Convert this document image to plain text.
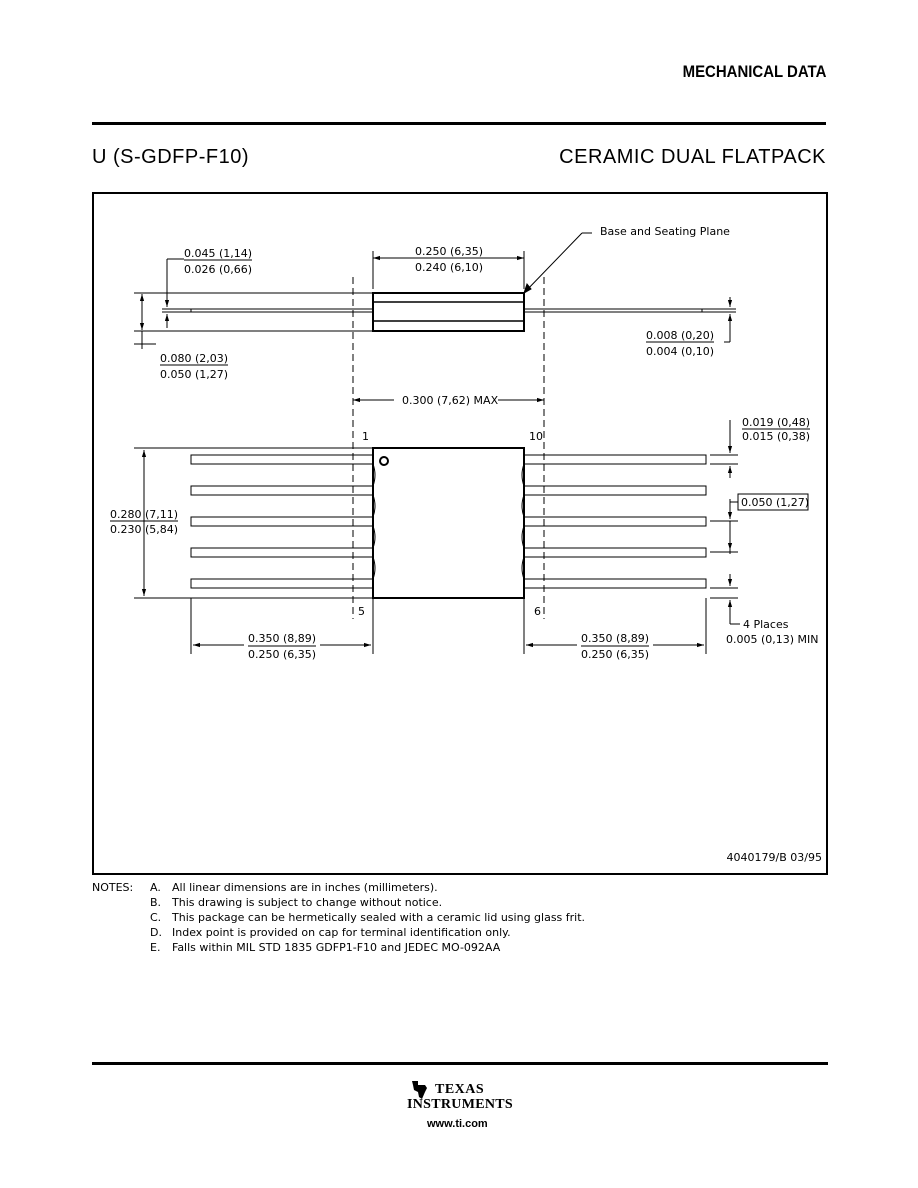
MECHANICAL DATA
U (S-GDFP-F10)	CERAMIC DUAL FLATPACK
Base and Seating Plane
0.045 (1,14)
0.026 (0,66)
0.250 (6,35)
0.240 (6,10)
0.080 (2,03)
0.050 (1,27)
0.008 (0,20)
0.004 (0,10)
0.300 (7,62) MAX
1	10
5	6
0.019 (0,48)
0.015 (0,38)
0.050 (1,27)
0.280 (7,11)
0.230 (5,84)
0.350 (8,89)
0.250 (6,35)
0.350 (8,89)
0.250 (6,35)
4 Places
0.005 (0,13) MIN
4040179/B 03/95
NOTES: A.	All linear dimensions are in inches (millimeters).
B. This drawing is subject to change without notice.
C. This package can be hermetically sealed with a ceramic lid using glass frit.
D. Index point is provided on cap for terminal identification only.
E.	Falls within MIL STD 1835 GDFP1-F10 and JEDEC MO-092AA
TEXAS
INSTRUMENTS
www.ti.com
